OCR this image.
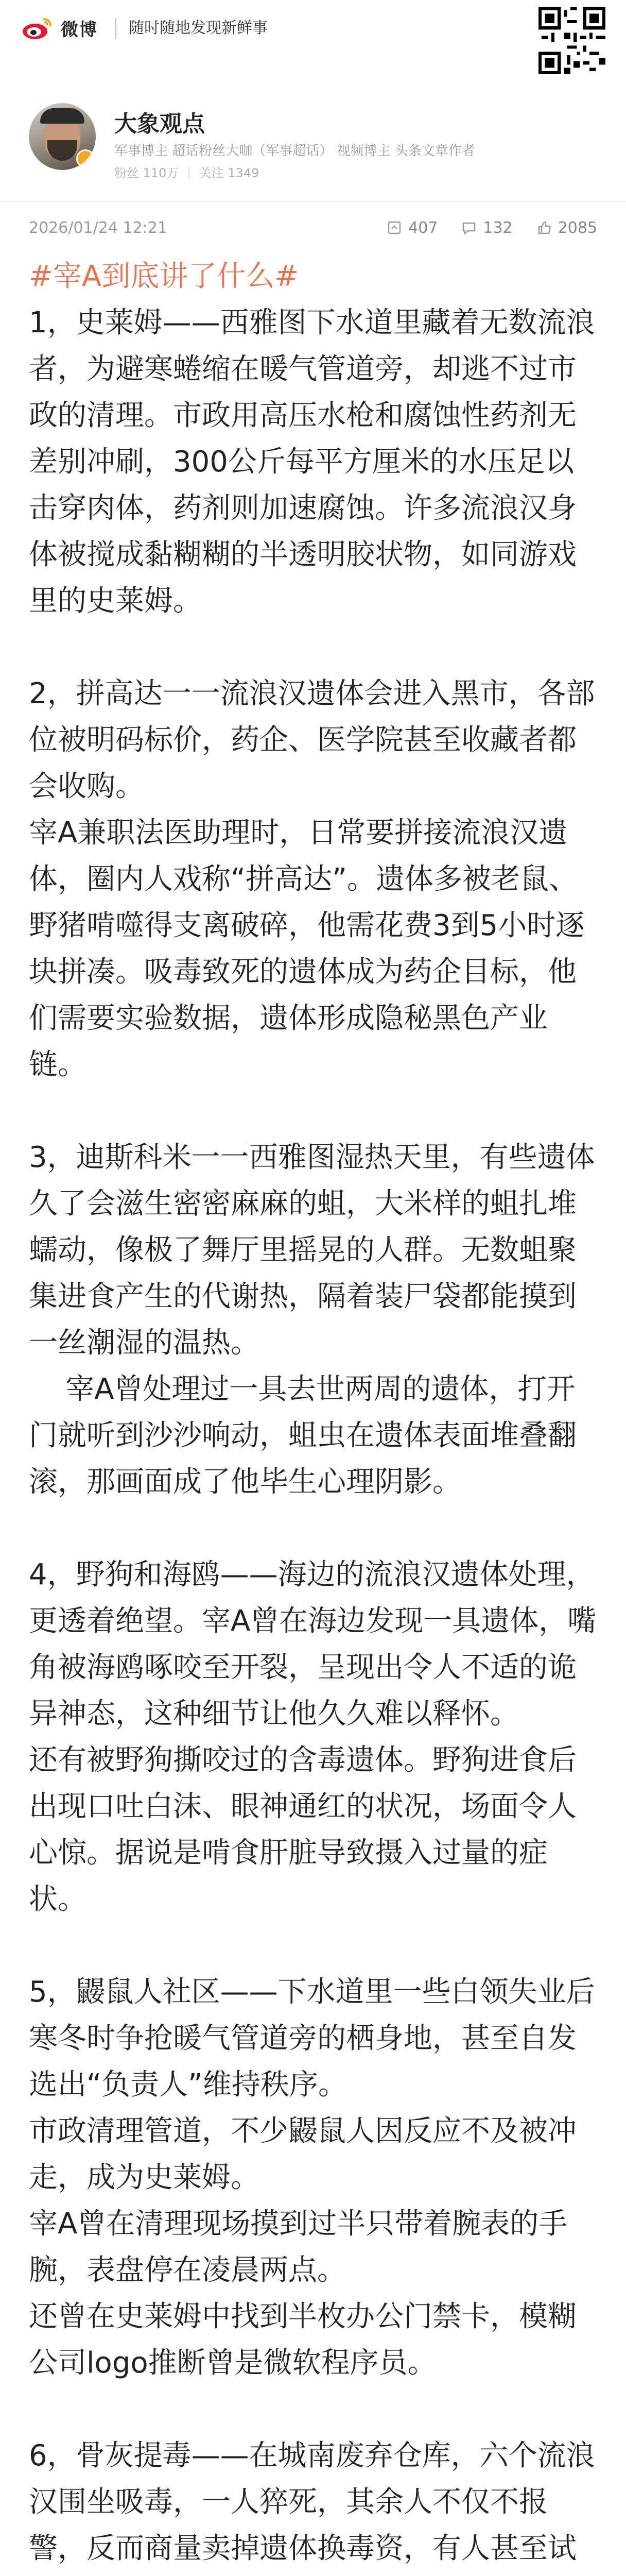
微博	随时随地发现新鲜事
大象观点
军事博主 超话粉丝大咖（军事超话） 视频博主 头条文章作者
粉丝 110万 ｜ 关注 1349
2026/01/24 12:21	407	132	2085

#宰A到底讲了什么#

1，史莱姆——西雅图下水道里藏着无数流浪者，为避寒蜷缩在暖气管道旁，却逃不过市政的清理。市政用高压水枪和腐蚀性药剂无差别冲刷，300公斤每平方厘米的水压足以击穿肉体，药剂则加速腐蚀。许多流浪汉身体被搅成黏糊糊的半透明胶状物，如同游戏里的史莱姆。

2，拼高达一一流浪汉遗体会进入黑市，各部位被明码标价，药企、医学院甚至收藏者都会收购。
宰A兼职法医助理时，日常要拼接流浪汉遗体，圈内人戏称“拼高达”。遗体多被老鼠、野猪啃噬得支离破碎，他需花费3到5小时逐块拼凑。吸毒致死的遗体成为药企目标，他们需要实验数据，遗体形成隐秘黑色产业链。

3，迪斯科米一一西雅图湿热天里，有些遗体久了会滋生密密麻麻的蛆，大米样的蛆扎堆蠕动，像极了舞厅里摇晃的人群。无数蛆聚集进食产生的代谢热，隔着装尸袋都能摸到一丝潮湿的温热。
宰A曾处理过一具去世两周的遗体，打开门就听到沙沙响动，蛆虫在遗体表面堆叠翻滚，那画面成了他毕生心理阴影。

4，野狗和海鸥——海边的流浪汉遗体处理，更透着绝望。宰A曾在海边发现一具遗体，嘴角被海鸥啄咬至开裂，呈现出令人不适的诡异神态，这种细节让他久久难以释怀。
还有被野狗撕咬过的含毒遗体。野狗进食后出现口吐白沫、眼神通红的状况，场面令人心惊。据说是啃食肝脏导致摄入过量的症状。

5，鼹鼠人社区——下水道里一些白领失业后寒冬时争抢暖气管道旁的栖身地，甚至自发选出“负责人”维持秩序。
市政清理管道，不少鼹鼠人因反应不及被冲走，成为史莱姆。
宰A曾在清理现场摸到过半只带着腕表的手腕，表盘停在凌晨两点。
还曾在史莱姆中找到半枚办公门禁卡，模糊公司logo推断曾是微软程序员。

6，骨灰提毒——在城南废弃仓库，六个流浪汉围坐吸毒，一人猝死，其余人不仅不报警，反而商量卖掉遗体换毒资，有人甚至试
